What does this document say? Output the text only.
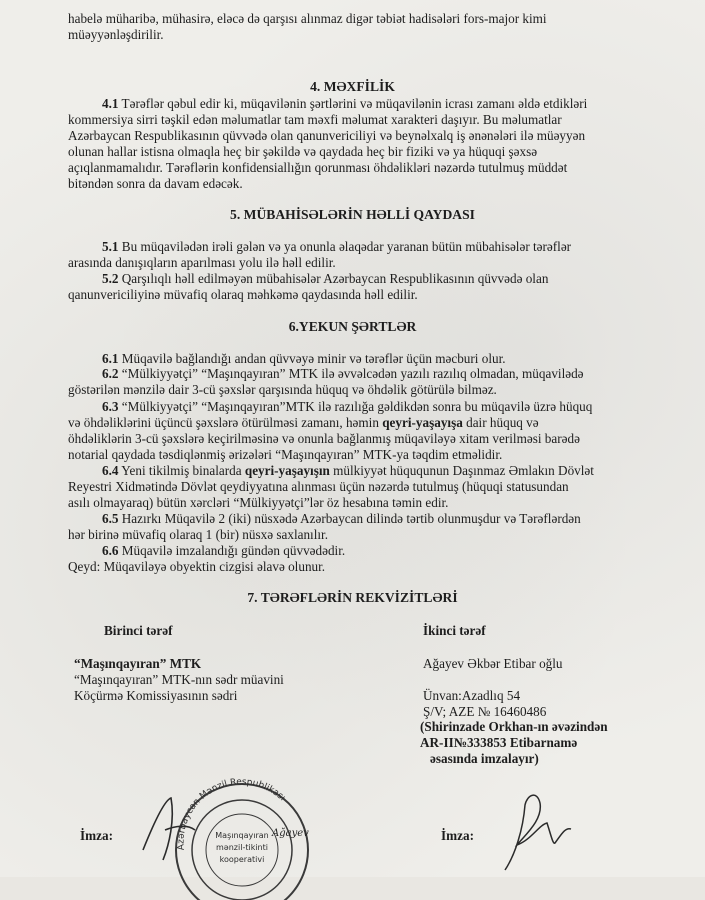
habelə müharibə, mühasirə, eləcə də qarşısı alınmaz digər təbiət hadisələri fors-major kimi
müəyyənləşdirilir.
4. MƏXFİLİK
4.1 Tərəflər qəbul edir ki, müqavilənin şərtlərini və müqavilənin icrası zamanı əldə etdikləri
kommersiya sirri təşkil edən məlumatlar tam məxfi məlumat xarakteri daşıyır. Bu məlumatlar
Azərbaycan Respublikasının qüvvədə olan qanunvericiliyi və beynəlxalq iş ənənələri ilə müəyyən
olunan hallar istisna olmaqla heç bir şəkildə və qaydada heç bir fiziki və ya hüquqi şəxsə
açıqlanmamalıdır. Tərəflərin konfidensiallığın qorunması öhdəlikləri nəzərdə tutulmuş müddət
bitəndən sonra da davam edəcək.
5. MÜBAHİSƏLƏRİN HƏLLİ QAYDASI
5.1 Bu müqavilədən irəli gələn və ya onunla əlaqədar yaranan bütün mübahisələr tərəflər
arasında danışıqların aparılması yolu ilə həll edilir.
5.2 Qarşılıqlı həll edilməyən mübahisələr Azərbaycan Respublikasının qüvvədə olan
qanunvericiliyinə müvafiq olaraq məhkəmə qaydasında həll edilir.
6.YEKUN ŞƏRTLƏR
6.1 Müqavilə bağlandığı andan qüvvəyə minir və tərəflər üçün məcburi olur.
6.2 “Mülkiyyətçi” “Maşınqayıran” MTK ilə əvvəlcədən yazılı razılıq olmadan, müqavilədə
göstərilən mənzilə dair 3-cü şəxslər qarşısında hüquq və öhdəlik götürülə bilməz.
6.3 “Mülkiyyətçi” “Maşınqayıran”MTK ilə razılığa gəldikdən sonra bu müqavilə üzrə hüquq
və öhdəliklərini üçüncü şəxslərə ötürülməsi zamanı, həmin qeyri-yaşayışa dair hüquq və
öhdəliklərin 3-cü şəxslərə keçirilməsinə və onunla bağlanmış müqaviləyə xitam verilməsi barədə
notarial qaydada təsdiqlənmiş ərizələri “Maşınqayıran” MTK-ya təqdim etməlidir.
6.4 Yeni tikilmiş binalarda qeyri-yaşayışın mülkiyyət hüququnun Daşınmaz Əmlakın Dövlət
Reyestri Xidmətində Dövlət qeydiyyatına alınması üçün nəzərdə tutulmuş (hüquqi statusundan
asılı olmayaraq) bütün xərcləri “Mülkiyyətçi”lər öz hesabına təmin edir.
6.5 Hazırkı Müqavilə 2 (iki) nüsxədə Azərbaycan dilində tərtib olunmuşdur və Tərəflərdən
hər birinə müvafiq olaraq 1 (bir) nüsxə saxlanılır.
6.6 Müqavilə imzalandığı gündən qüvvədədir.
Qeyd: Müqaviləyə obyektin cizgisi əlavə olunur.
7. TƏRƏFLƏRİN REKVİZİTLƏRİ
Birinci tərəf
“Maşınqayıran” MTK
“Maşınqayıran” MTK-nın sədr müavini
Köçürmə Komissiyasının sədri
İkinci tərəf
Ağayev Əkbər Etibar oğlu
Ünvan:Azadlıq 54
Ş/V; AZE № 16460486
(Shirinzade Orkhan-ın əvəzindən
AR-II№333853 Etibarnamə
əsasında imzalayır)
İmza:	İmza:
Azərbaycan Mənzil Respublikası
Maşınqayıran
mənzil-tikinti
kooperativi
Ağayev
